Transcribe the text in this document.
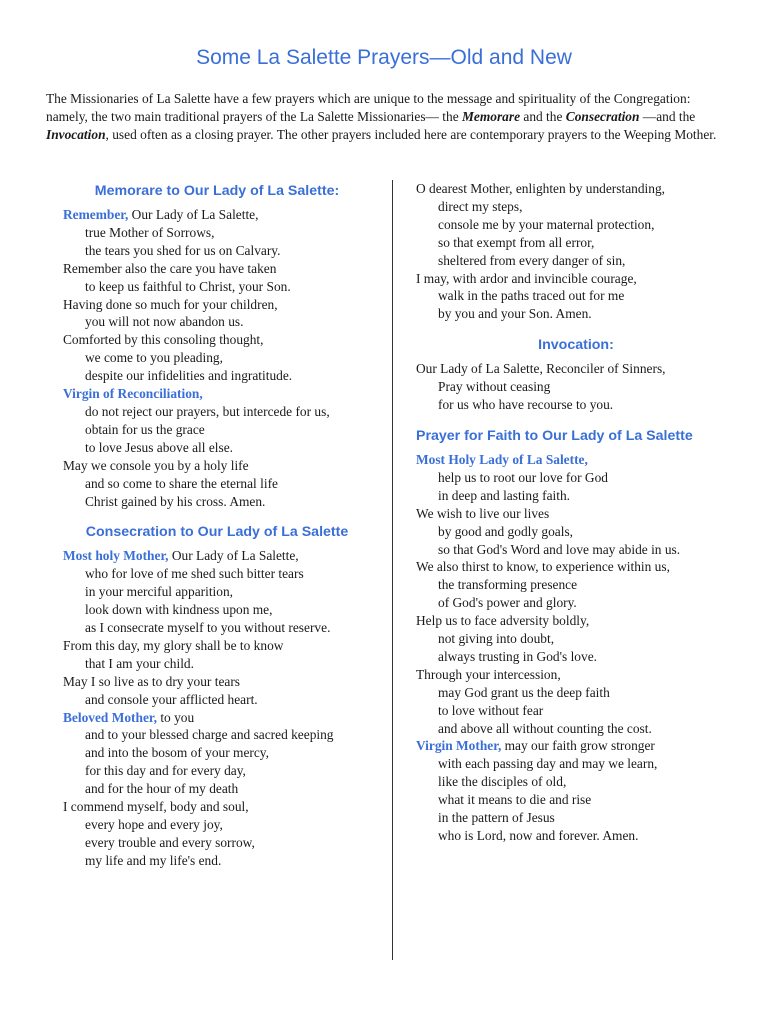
Some La Salette Prayers—Old and New

The Missionaries of La Salette have a few prayers which are unique to the message and spirituality of the Congregation: namely, the two main traditional prayers of the La Salette Missionaries— the Memorare and the Consecration —and the Invocation, used often as a closing prayer. The other prayers included here are contemporary prayers to the Weeping Mother.

Memorare to Our Lady of La Salette:

Remember, Our Lady of La Salette,

true Mother of Sorrows,

the tears you shed for us on Calvary.

Remember also the care you have taken

to keep us faithful to Christ, your Son.

Having done so much for your children,

you will not now abandon us.

Comforted by this consoling thought,

we come to you pleading,

despite our infidelities and ingratitude.

Virgin of Reconciliation,

do not reject our prayers, but intercede for us,

obtain for us the grace

to love Jesus above all else.

May we console you by a holy life

and so come to share the eternal life

Christ gained by his cross. Amen.

Consecration to Our Lady of La Salette

Most holy Mother, Our Lady of La Salette,

who for love of me shed such bitter tears

in your merciful apparition,

look down with kindness upon me,

as I consecrate myself to you without reserve.

From this day, my glory shall be to know

that I am your child.

May I so live as to dry your tears

and console your afflicted heart.

Beloved Mother, to you

and to your blessed charge and sacred keeping

and into the bosom of your mercy,

for this day and for every day,

and for the hour of my death

I commend myself, body and soul,

every hope and every joy,

every trouble and every sorrow,

my life and my life's end.

O dearest Mother, enlighten by understanding,

direct my steps,

console me by your maternal protection,

so that exempt from all error,

sheltered from every danger of sin,

I may, with ardor and invincible courage,

walk in the paths traced out for me

by you and your Son. Amen.

Invocation:

Our Lady of La Salette, Reconciler of Sinners,

Pray without ceasing

for us who have recourse to you.

Prayer for Faith to Our Lady of La Salette

Most Holy Lady of La Salette,

help us to root our love for God

in deep and lasting faith.

We wish to live our lives

by good and godly goals,

so that God's Word and love may abide in us.

We also thirst to know, to experience within us,

the transforming presence

of God's power and glory.

Help us to face adversity boldly,

not giving into doubt,

always trusting in God's love.

Through your intercession,

may God grant us the deep faith

to love without fear

and above all without counting the cost.

Virgin Mother, may our faith grow stronger

with each passing day and may we learn,

like the disciples of old,

what it means to die and rise

in the pattern of Jesus

who is Lord, now and forever. Amen.
